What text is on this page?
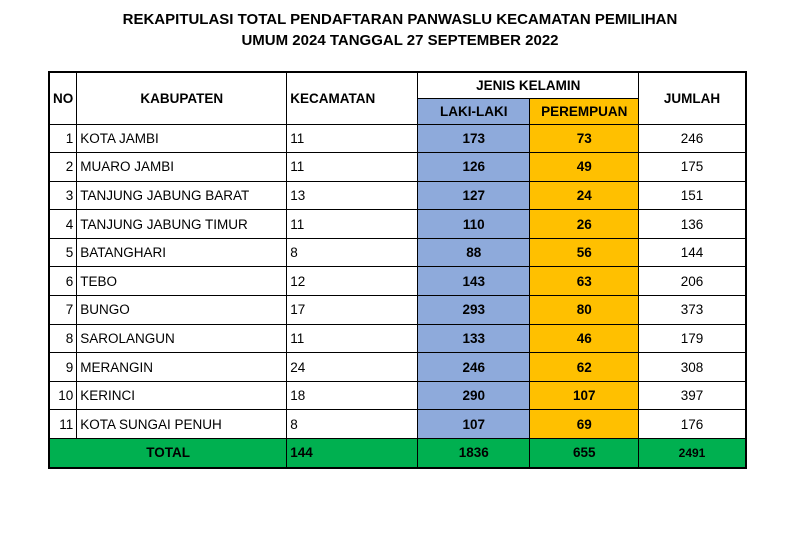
REKAPITULASI TOTAL PENDAFTARAN PANWASLU KECAMATAN PEMILIHAN
UMUM 2024 TANGGAL 27 SEPTEMBER 2022
NO	KABUPATEN	KECAMATAN	JENIS KELAMIN		JUMLAH
			LAKI-LAKI	PEREMPUAN	
1	KOTA JAMBI	11	173	73	246
2	MUARO JAMBI	11	126	49	175
3	TANJUNG JABUNG BARAT	13	127	24	151
4	TANJUNG JABUNG TIMUR	11	110	26	136
5	BATANGHARI	8	88	56	144
6	TEBO	12	143	63	206
7	BUNGO	17	293	80	373
8	SAROLANGUN	11	133	46	179
9	MERANGIN	24	246	62	308
10	KERINCI	18	290	107	397
11	KOTA SUNGAI PENUH	8	107	69	176
TOTAL		144	1836	655	2491
